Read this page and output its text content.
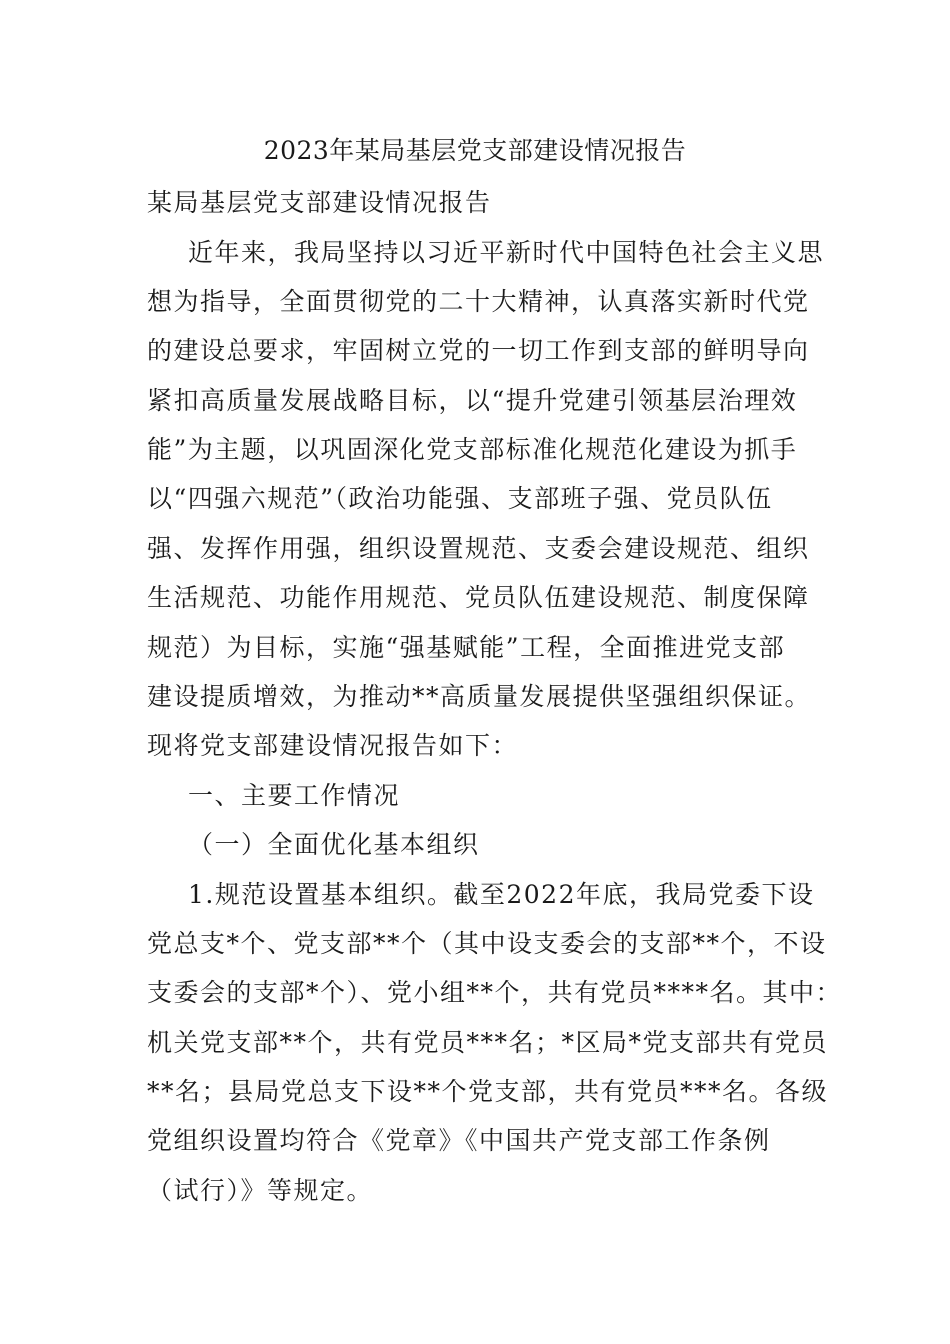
2023年某局基层党支部建设情况报告
某局基层党支部建设情况报告
近年来，我局坚持以习近平新时代中国特色社会主义思
想为指导，全面贯彻党的二十大精神，认真落实新时代党
的建设总要求，牢固树立党的一切工作到支部的鲜明导向
紧扣高质量发展战略目标，以“提升党建引领基层治理效
能”为主题，以巩固深化党支部标准化规范化建设为抓手
以“四强六规范”（政治功能强、支部班子强、党员队伍
强、发挥作用强，组织设置规范、支委会建设规范、组织
生活规范、功能作用规范、党员队伍建设规范、制度保障
规范）为目标，实施“强基赋能”工程，全面推进党支部
建设提质增效，为推动**高质量发展提供坚强组织保证。
现将党支部建设情况报告如下：
一、主要工作情况
（一）全面优化基本组织
1.规范设置基本组织。截至2022年底，我局党委下设
党总支*个、党支部**个（其中设支委会的支部**个，不设
支委会的支部*个）、党小组**个，共有党员****名。其中：
机关党支部**个，共有党员***名；*区局*党支部共有党员
**名；县局党总支下设**个党支部，共有党员***名。各级
党组织设置均符合《党章》《中国共产党支部工作条例
（试行）》等规定。
